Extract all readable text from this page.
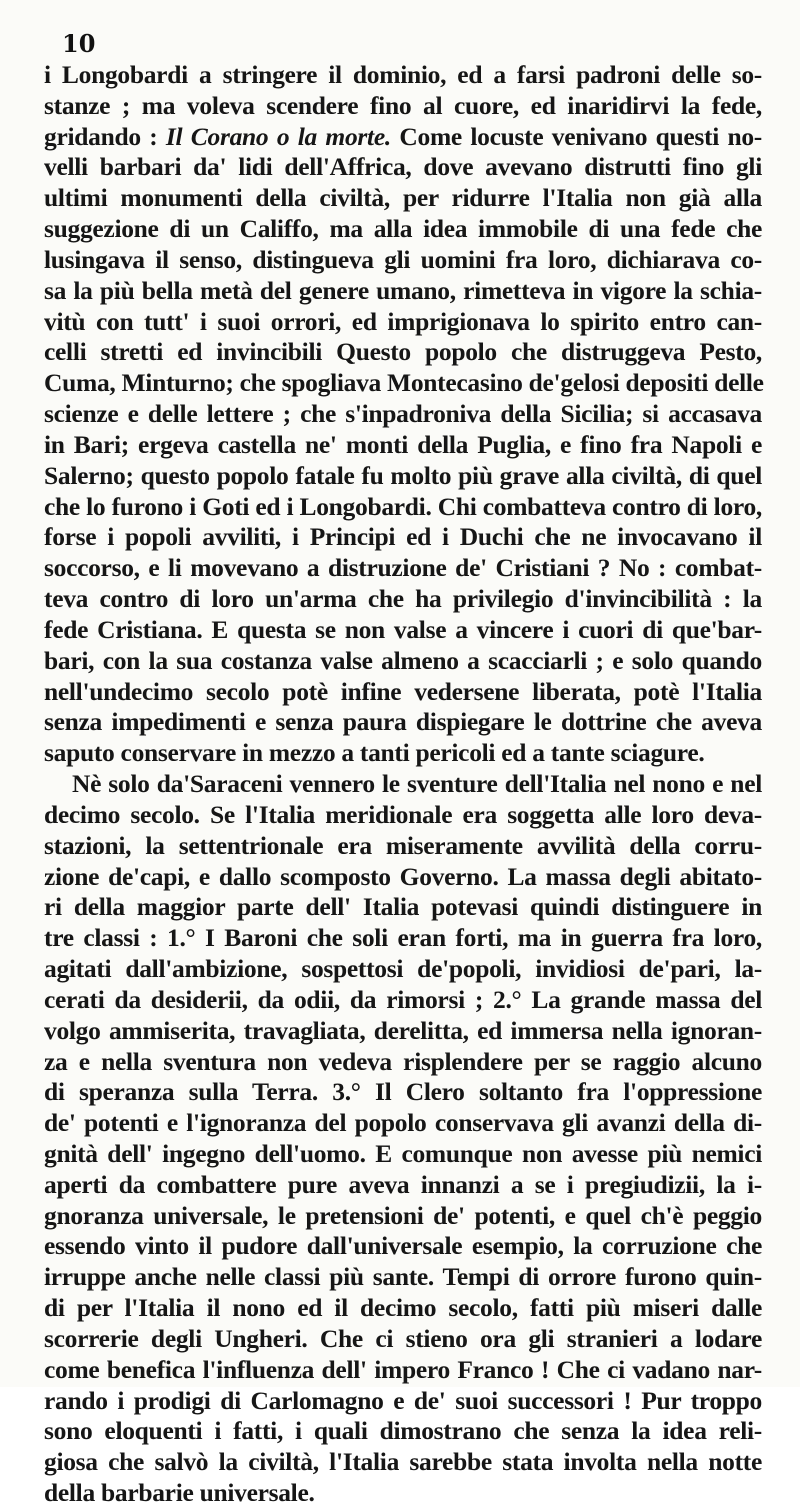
10

i Longobardi a stringere il dominio, ed a farsi padroni delle so-
stanze ; ma voleva scendere fino al cuore, ed inaridirvi la fede,
gridando : Il Corano o la morte. Come locuste venivano questi no-
velli barbari da' lidi dell'Affrica, dove avevano distrutti fino gli
ultimi monumenti della civiltà, per ridurre l'Italia non già alla
suggezione di un Califfo, ma alla idea immobile di una fede che
lusingava il senso, distingueva gli uomini fra loro, dichiarava co-
sa la più bella metà del genere umano, rimetteva in vigore la schia-
vitù con tutt' i suoi orrori, ed imprigionava lo spirito entro can-
celli stretti ed invincibili Questo popolo che distruggeva Pesto,
Cuma, Minturno; che spogliava Montecasino de'gelosi depositi delle
scienze e delle lettere ; che s'inpadroniva della Sicilia; si accasava
in Bari; ergeva castella ne' monti della Puglia, e fino fra Napoli e
Salerno; questo popolo fatale fu molto più grave alla civiltà, di quel
che lo furono i Goti ed i Longobardi. Chi combatteva contro di loro,
forse i popoli avviliti, i Principi ed i Duchi che ne invocavano il
soccorso, e li movevano a distruzione de' Cristiani ? No : combat-
teva contro di loro un'arma che ha privilegio d'invincibilità : la
fede Cristiana. E questa se non valse a vincere i cuori di que'bar-
bari, con la sua costanza valse almeno a scacciarli ; e solo quando
nell'undecimo secolo potè infine vedersene liberata, potè l'Italia
senza impedimenti e senza paura dispiegare le dottrine che aveva
saputo conservare in mezzo a tanti pericoli ed a tante sciagure.
Nè solo da'Saraceni vennero le sventure dell'Italia nel nono e nel
decimo secolo. Se l'Italia meridionale era soggetta alle loro deva-
stazioni, la settentrionale era miseramente avvilità della corru-
zione de'capi, e dallo scomposto Governo. La massa degli abitato-
ri della maggior parte dell' Italia potevasi quindi distinguere in
tre classi : 1.° I Baroni che soli eran forti, ma in guerra fra loro,
agitati dall'ambizione, sospettosi de'popoli, invidiosi de'pari, la-
cerati da desiderii, da odii, da rimorsi ; 2.° La grande massa del
volgo ammiserita, travagliata, derelitta, ed immersa nella ignoran-
za e nella sventura non vedeva risplendere per se raggio alcuno
di speranza sulla Terra. 3.° Il Clero soltanto fra l'oppressione
de' potenti e l'ignoranza del popolo conservava gli avanzi della di-
gnità dell' ingegno dell'uomo. E comunque non avesse più nemici
aperti da combattere pure aveva innanzi a se i pregiudizii, la i-
gnoranza universale, le pretensioni de' potenti, e quel ch'è peggio
essendo vinto il pudore dall'universale esempio, la corruzione che
irruppe anche nelle classi più sante. Tempi di orrore furono quin-
di per l'Italia il nono ed il decimo secolo, fatti più miseri dalle
scorrerie degli Ungheri. Che ci stieno ora gli stranieri a lodare
come benefica l'influenza dell' impero Franco ! Che ci vadano nar-
rando i prodigi di Carlomagno e de' suoi successori ! Pur troppo
sono eloquenti i fatti, i quali dimostrano che senza la idea reli-
giosa che salvò la civiltà, l'Italia sarebbe stata involta nella notte
della barbarie universale.
